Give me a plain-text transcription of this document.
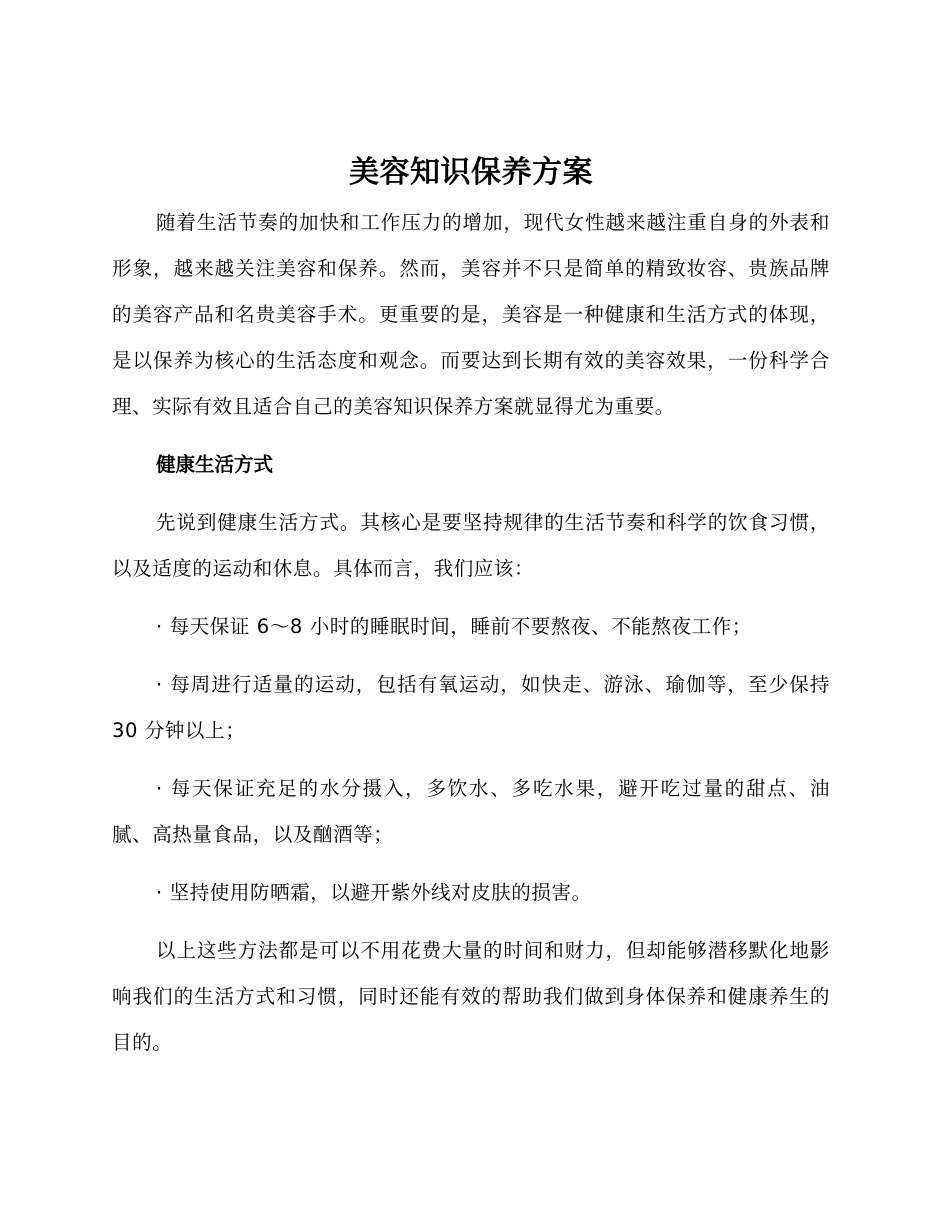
美容知识保养方案

随着生活节奏的加快和工作压力的增加，现代女性越来越注重自身的外表和形象，越来越关注美容和保养。然而，美容并不只是简单的精致妆容、贵族品牌的美容产品和名贵美容手术。更重要的是，美容是一种健康和生活方式的体现，是以保养为核心的生活态度和观念。而要达到长期有效的美容效果，一份科学合理、实际有效且适合自己的美容知识保养方案就显得尤为重要。

健康生活方式

先说到健康生活方式。其核心是要坚持规律的生活节奏和科学的饮食习惯，以及适度的运动和休息。具体而言，我们应该：

· 每天保证 6～8 小时的睡眠时间，睡前不要熬夜、不能熬夜工作；

· 每周进行适量的运动，包括有氧运动，如快走、游泳、瑜伽等，至少保持 30 分钟以上；

· 每天保证充足的水分摄入，多饮水、多吃水果，避开吃过量的甜点、油腻、高热量食品，以及酗酒等；

· 坚持使用防晒霜，以避开紫外线对皮肤的损害。

以上这些方法都是可以不用花费大量的时间和财力，但却能够潜移默化地影响我们的生活方式和习惯，同时还能有效的帮助我们做到身体保养和健康养生的目的。
